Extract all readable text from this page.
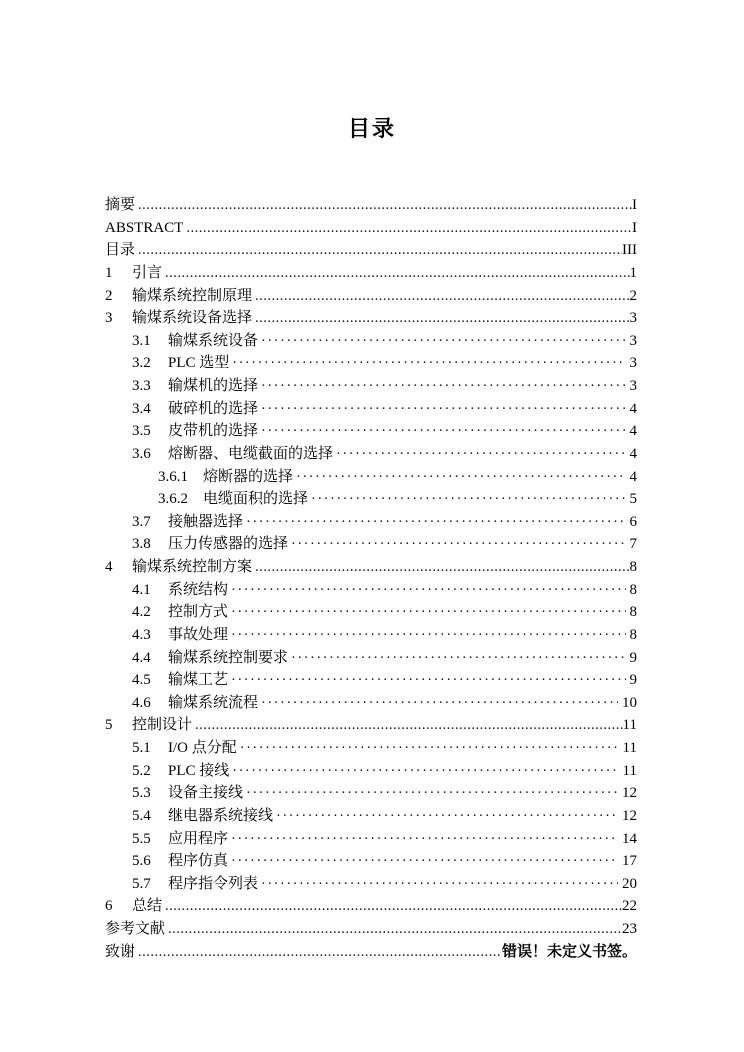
目录
摘要 .....	I
ABSTRACT .....	I
目录 .....	III
1	引言 .....	1
2	输煤系统控制原理 .....	2
3	输煤系统设备选择 .....	3
3.1	输煤系统设备 ·····	3
3.2	PLC 选型 ·····	3
3.3	输煤机的选择 ·····	3
3.4	破碎机的选择 ·····	4
3.5	皮带机的选择 ·····	4
3.6	熔断器、电缆截面的选择 ·····	4
3.6.1	熔断器的选择 ·····	4
3.6.2	电缆面积的选择 ·····	5
3.7	接触器选择 ·····	6
3.8	压力传感器的选择 ·····	7
4	输煤系统控制方案 .....	8
4.1	系统结构 ·····	8
4.2	控制方式 ·····	8
4.3	事故处理 ·····	8
4.4	输煤系统控制要求 ·····	9
4.5	输煤工艺 ·····	9
4.6	输煤系统流程 ·····	10
5	控制设计 .....	11
5.1	I/O 点分配 ·····	11
5.2	PLC 接线 ·····	11
5.3	设备主接线 ·····	12
5.4	继电器系统接线 ·····	12
5.5	应用程序 ·····	14
5.6	程序仿真 ·····	17
5.7	程序指令列表 ·····	20
6	总结 .....	22
参考文献 .....	23
致谢 .....	错误！未定义书签。
